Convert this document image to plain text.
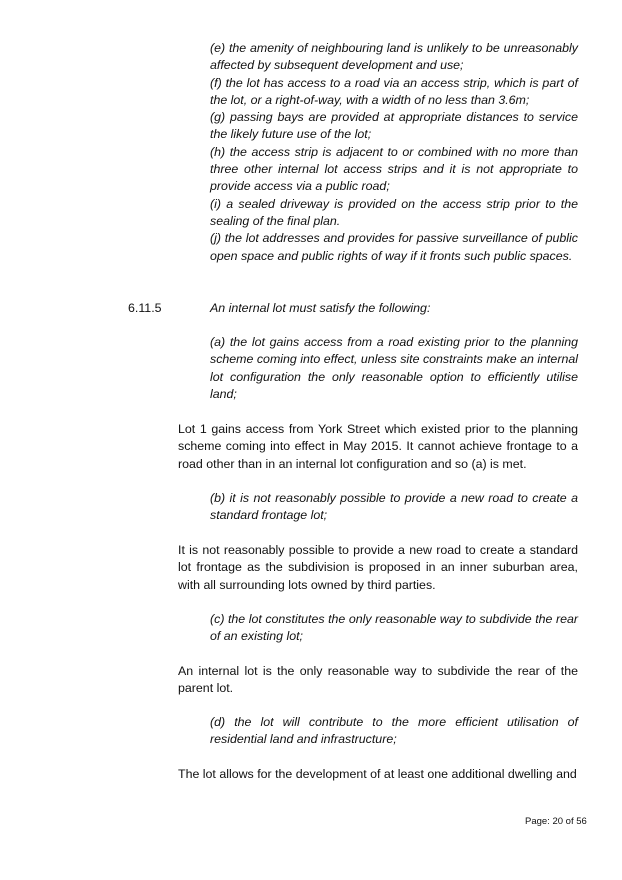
(e) the amenity of neighbouring land is unlikely to be unreasonably affected by subsequent development and use;

(f) the lot has access to a road via an access strip, which is part of the lot, or a right-of-way, with a width of no less than 3.6m;

(g) passing bays are provided at appropriate distances to service the likely future use of the lot;

(h) the access strip is adjacent to or combined with no more than three other internal lot access strips and it is not appropriate to provide access via a public road;

(i) a sealed driveway is provided on the access strip prior to the sealing of the final plan.

(j) the lot addresses and provides for passive surveillance of public open space and public rights of way if it fronts such public spaces.

6.11.5	An internal lot must satisfy the following:

(a) the lot gains access from a road existing prior to the planning scheme coming into effect, unless site constraints make an internal lot configuration the only reasonable option to efficiently utilise land;

Lot 1 gains access from York Street which existed prior to the planning scheme coming into effect in May 2015. It cannot achieve frontage to a road other than in an internal lot configuration and so (a) is met.

(b) it is not reasonably possible to provide a new road to create a standard frontage lot;

It is not reasonably possible to provide a new road to create a standard lot frontage as the subdivision is proposed in an inner suburban area, with all surrounding lots owned by third parties.

(c) the lot constitutes the only reasonable way to subdivide the rear of an existing lot;

An internal lot is the only reasonable way to subdivide the rear of the parent lot.

(d) the lot will contribute to the more efficient utilisation of residential land and infrastructure;

The lot allows for the development of at least one additional dwelling and

Page: 20 of 56
